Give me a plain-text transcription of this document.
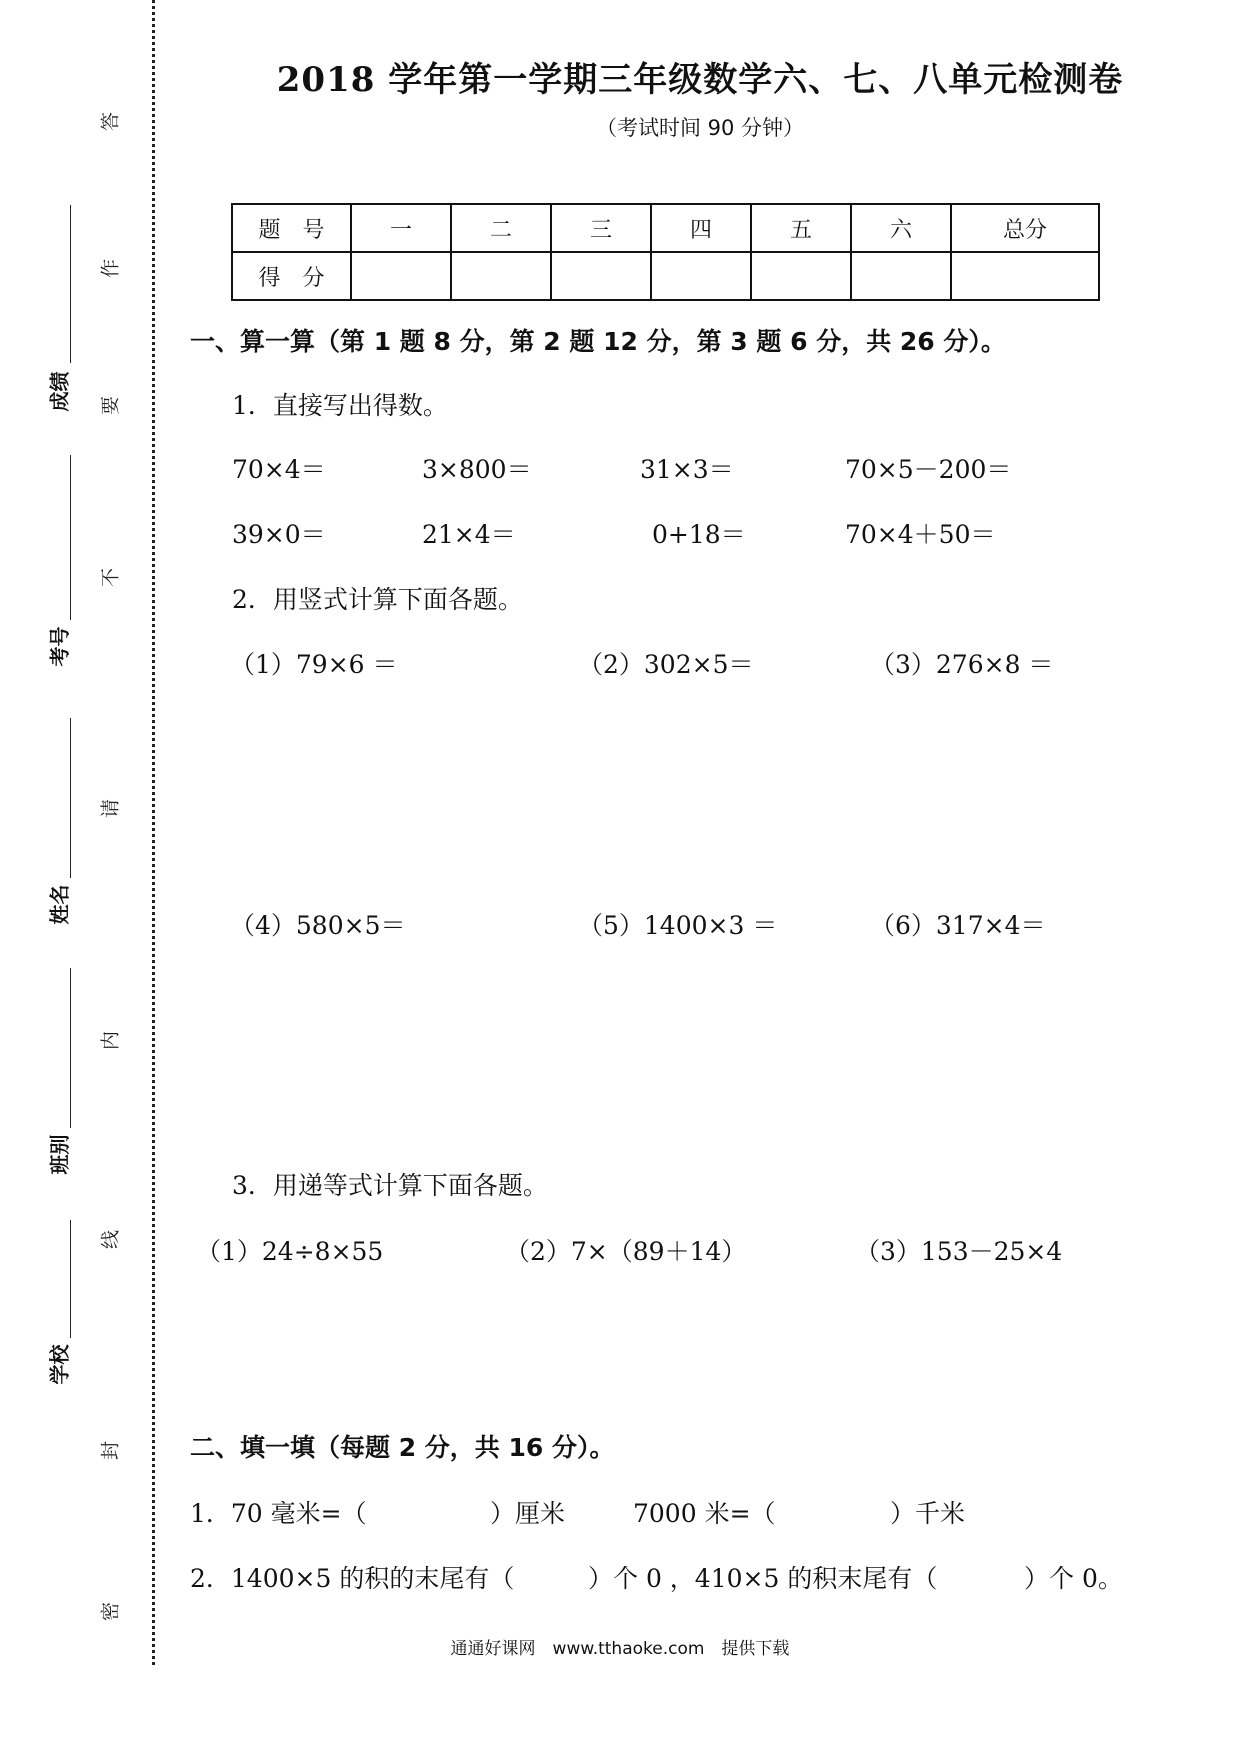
成绩
考号
姓名
班别
学校
答
作
要
不
请
内
线
封
密
2018 学年第一学期三年级数学六、七、八单元检测卷
（考试时间 90 分钟）
题　号	一	二	三	四	五	六	总分
得　分							
一、算一算（第 1 题 8 分，第 2 题 12 分，第 3 题 6 分，共 26 分）。
1．直接写出得数。
70×4＝	3×800＝	31×3＝	70×5－200＝
39×0＝	21×4＝	0+18＝	70×4＋50＝
2．用竖式计算下面各题。
（1）79×6 ＝	（2）302×5＝	（3）276×8 ＝
（4）580×5＝	（5）1400×3 ＝	（6）317×4＝
3．用递等式计算下面各题。
（1）24÷8×55	（2）7×（89＋14）	（3）153－25×4
二、填一填（每题 2 分，共 16 分）。
1．70 毫米=（	）厘米	7000 米=（	）千米
2．1400×5 的积的末尾有（	）个 0 ，410×5 的积末尾有（	）个 0。
通通好课网　www.tthaoke.com　提供下载
